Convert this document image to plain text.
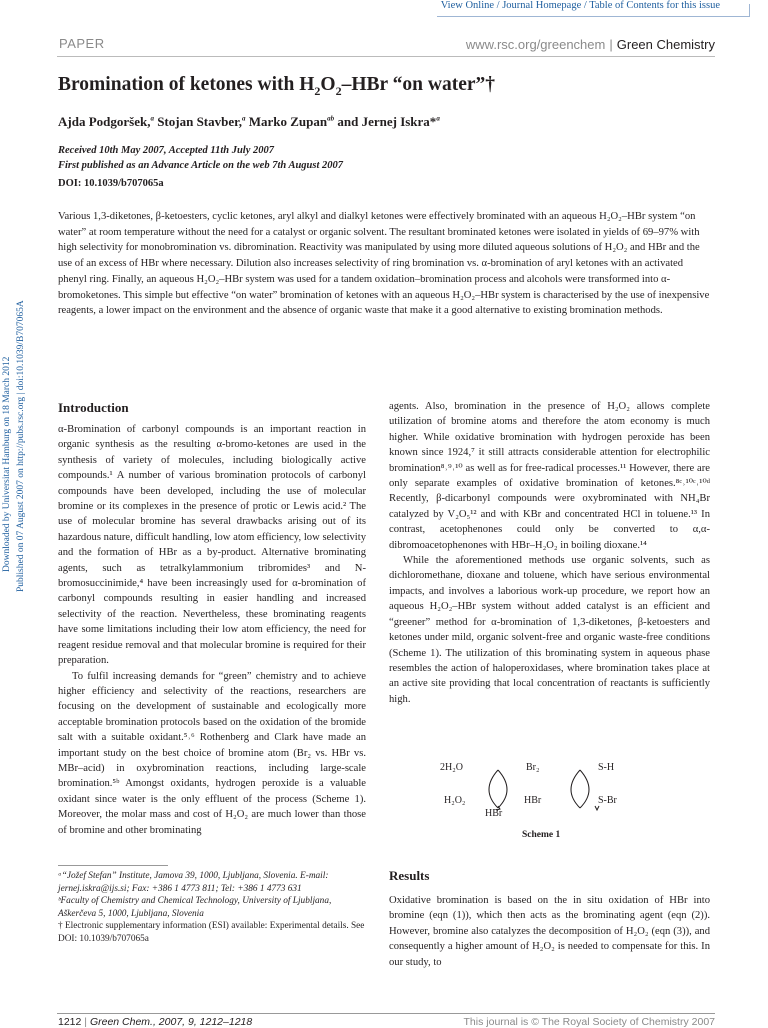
View Online / Journal Homepage / Table of Contents for this issue
PAPER	www.rsc.org/greenchem | Green Chemistry
Bromination of ketones with $H_2O_2$–HBr “on water”†
Ajda Podgoršek,$^a$ Stojan Stavber,$^a$ Marko Zupan$^{ab}$ and Jernej Iskra*$^a$
Received 10th May 2007, Accepted 11th July 2007
First published as an Advance Article on the web 7th August 2007
DOI: 10.1039/b707065a
Various 1,3-diketones, β-ketoesters, cyclic ketones, aryl alkyl and dialkyl ketones were effectively brominated with an aqueous H₂O₂–HBr system “on water” at room temperature without the need for a catalyst or organic solvent. The resultant brominated ketones were isolated in yields of 69–97% with high selectivity for monobromination vs. dibromination. Reactivity was manipulated by using more diluted aqueous solutions of H₂O₂ and HBr and the use of an excess of HBr where necessary. Dilution also increases selectivity of ring bromination vs. α-bromination of aryl ketones with an activated phenyl ring. Finally, an aqueous H₂O₂–HBr system was used for a tandem oxidation–bromination process and alcohols were transformed into α-bromoketones. This simple but effective “on water” bromination of ketones with an aqueous H₂O₂–HBr system is characterised by the use of inexpensive reagents, a lower impact on the environment and the absence of organic waste that make it a good alternative to existing bromination methods.
Downloaded by Universitat Hamburg on 18 March 2012 Published on 07 August 2007 on http://pubs.rsc.org | doi:10.1039/B707065A Introduction

α-Bromination of carbonyl compounds is an important reaction in organic synthesis as the resulting α-bromo-ketones are used in the synthesis of variety of molecules, including biologically active compounds.¹ A number of various bromination protocols of carbonyl compounds have been developed, including the use of molecular bromine or its complexes in the presence of protic or Lewis acid.² The use of molecular bromine has several drawbacks arising out of its hazardous nature, difficult handling, low atom efficiency, low selectivity and the formation of HBr as a by-product. Alternative brominating agents, such as tetralkylammonium tribromides³ and N-bromosuccinimide,⁴ have been increasingly used for α-bromination of carbonyl compounds resulting in easier handling and increased selectivity of the reaction. Nevertheless, these brominating reagents have some limitations including their low atom efficiency, the need for reagent residue removal and that molecular bromine is required for their preparation.

To fulfil increasing demands for “green” chemistry and to achieve higher efficiency and selectivity of the reactions, researchers are focusing on the development of sustainable and ecologically more acceptable bromination protocols based on the oxidation of the bromide salt with a suitable oxidant.⁵˒⁶ Rothenberg and Clark have made an important study on the best choice of bromine atom (Br₂ vs. HBr vs. MBr–acid) in oxybromination reactions, including large-scale bromination.⁵ᵇ Amongst oxidants, hydrogen peroxide is a valuable oxidant since water is the only effluent of the process (Scheme 1). Moreover, the molar mass and cost of H₂O₂ are much lower than those of bromine and other brominating

agents. Also, bromination in the presence of H₂O₂ allows complete utilization of bromine atoms and therefore the atom economy is much higher. While oxidative bromination with hydrogen peroxide has been known since 1924,⁷ it still attracts considerable attention for electrophilic bromination⁸˒⁹˒¹⁰ as well as for free-radical processes.¹¹ However, there are only separate examples of oxidative bromination of ketones.⁸ᶜ˒¹⁰ᶜ˒¹⁰ᵈ Recently, β-dicarbonyl compounds were oxybrominated with NH₄Br catalyzed by V₂O₅¹² and with KBr and concentrated HCl in toluene.¹³ In contrast, acetophenones could only be converted to α,α-dibromoacetophenones with HBr–H₂O₂ in boiling dioxane.¹⁴

While the aforementioned methods use organic solvents, such as dichloromethane, dioxane and toluene, which have serious environmental impacts, and involves a laborious work-up procedure, we report how an aqueous H₂O₂–HBr system without added catalyst is an efficient and “greener” method for α-bromination of 1,3-diketones, β-ketoesters and ketones under mild, organic solvent-free and organic waste-free conditions (Scheme 1). The utilization of this brominating system in aqueous phase resembles the action of haloperoxidases, where bromination takes place at an active site providing that local concentration of reactants is sufficiently high.

2H₂O
H₂O₂
Br₂
HBr
HBr
S-H
S-Br
Scheme 1
ᵃ“Jožef Stefan” Institute, Jamova 39, 1000, Ljubljana, Slovenia. E-mail: jernej.iskra@ijs.si; Fax: +386 1 4773 811; Tel: +386 1 4773 631
ᵇFaculty of Chemistry and Chemical Technology, University of Ljubljana, Aškerčeva 5, 1000, Ljubljana, Slovenia
† Electronic supplementary information (ESI) available: Experimental details. See DOI: 10.1039/b707065a
Results
Oxidative bromination is based on the in situ oxidation of HBr into bromine (eqn (1)), which then acts as the brominating agent (eqn (2)). However, bromine also catalyzes the decomposition of H₂O₂ (eqn (3)), and consequently a higher amount of H₂O₂ is needed to compensate for this. In our study, to
1212 | Green Chem., 2007, 9, 1212–1218	This journal is © The Royal Society of Chemistry 2007
